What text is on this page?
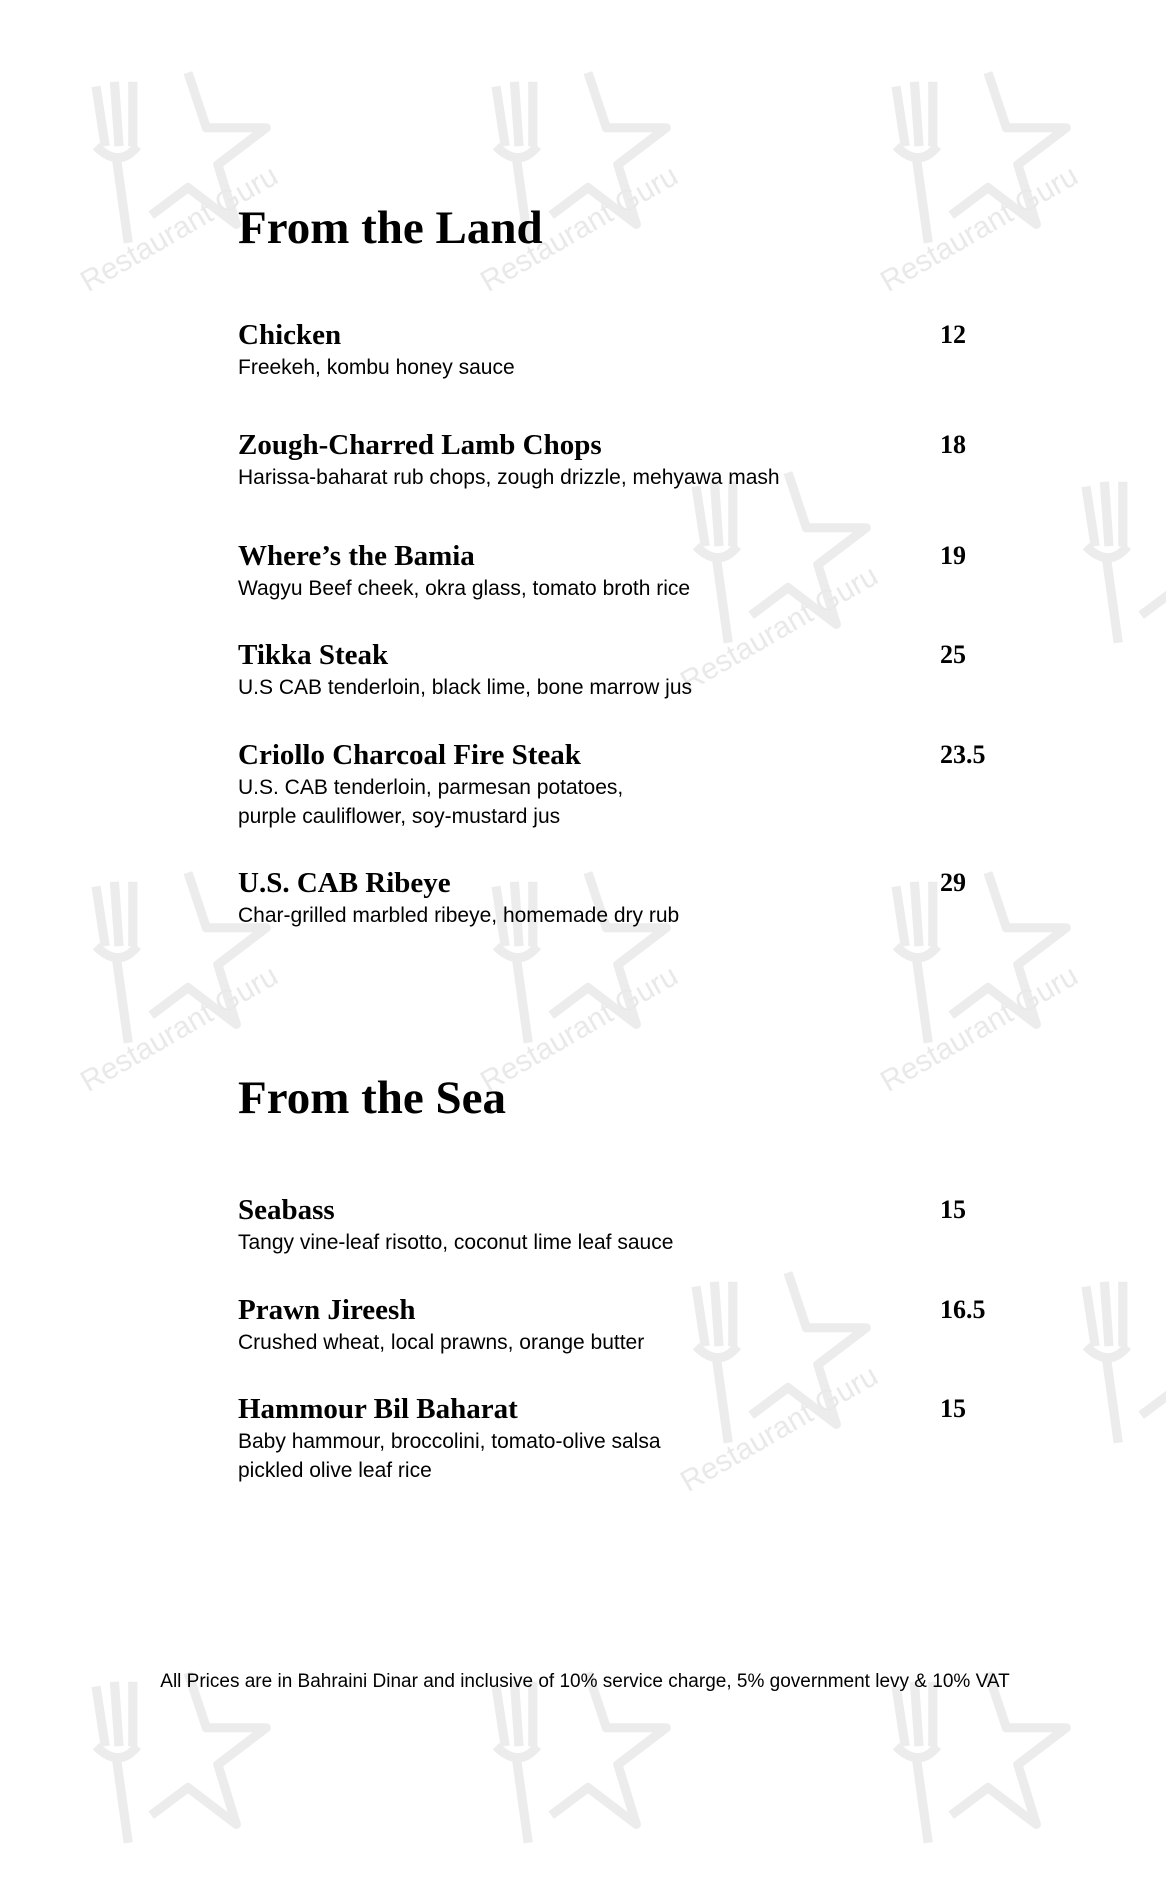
Restaurant Guru	Restaurant Guru	Restaurant Guru
Restaurant Guru
Restaurant Guru	Restaurant Guru	Restaurant Guru
Restaurant Guru
From the Land
Chicken	12
Freekeh, kombu honey sauce
Zough-Charred Lamb Chops	18
Harissa-baharat rub chops, zough drizzle, mehyawa mash
Where’s the Bamia	19
Wagyu Beef cheek, okra glass, tomato broth rice
Tikka Steak	25
U.S CAB tenderloin, black lime, bone marrow jus
Criollo Charcoal Fire Steak	23.5
U.S. CAB tenderloin, parmesan potatoes,
purple cauliflower, soy-mustard jus
U.S. CAB Ribeye	29
Char-grilled marbled ribeye, homemade dry rub
From the Sea
Seabass	15
Tangy vine-leaf risotto, coconut lime leaf sauce
Prawn Jireesh	16.5
Crushed wheat, local prawns, orange butter
Hammour Bil Baharat	15
Baby hammour, broccolini, tomato-olive salsa
pickled olive leaf rice
All Prices are in Bahraini Dinar and inclusive of 10% service charge, 5% government levy & 10% VAT
